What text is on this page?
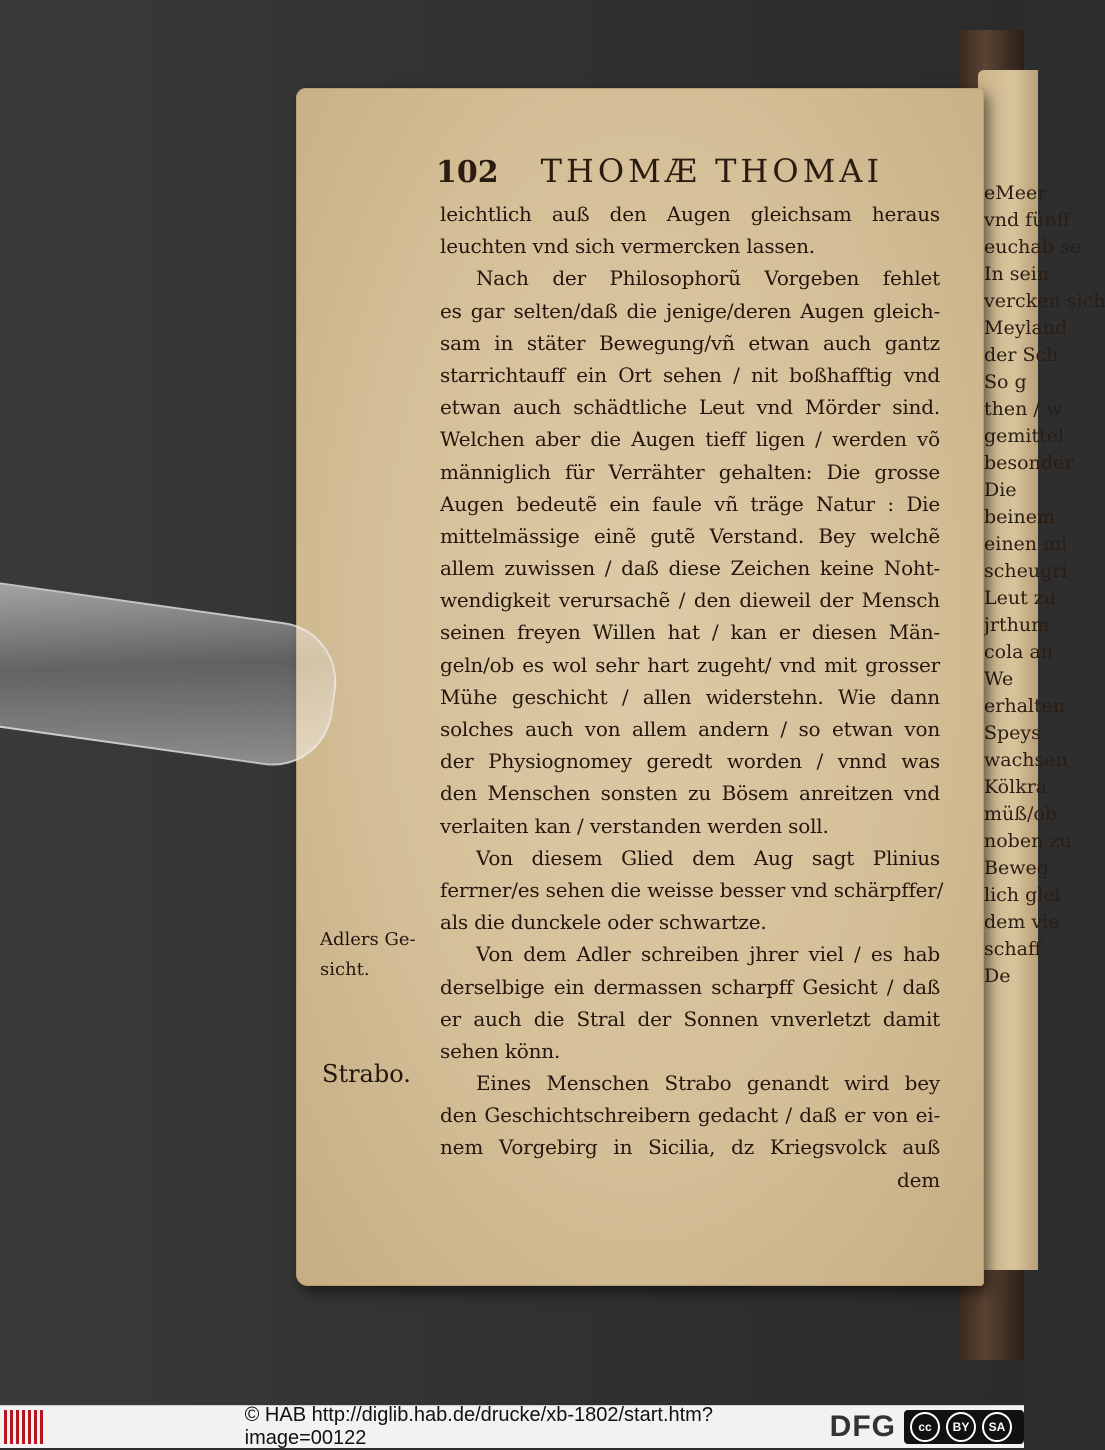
eMeer
vnd fünff
euchab se
In sein
vercken sich
Meyland
der Sch
So g
then / w
gemittel
besonder
Die
beinem
einen mi
scheugri
Leut zu
jrthum
cola an
We
erhalten
Speys
wachsen
Kölkra
müß/ob
noben zu
Beweg
lich glei
dem vie
schaff
De
102 THOMÆ THOMAI
leichtlich auß den Augen gleichsam heraus
leuchten vnd sich vermercken lassen.
Nach der Philosophorũ Vorgeben fehlet
es gar selten/daß die jenige/deren Augen gleich-
sam in stäter Bewegung/vñ etwan auch gantz
starrichtauff ein Ort sehen / nit boßhafftig vnd
etwan auch schädtliche Leut vnd Mörder sind.
Welchen aber die Augen tieff ligen / werden võ
männiglich für Verrähter gehalten: Die grosse
Augen bedeutẽ ein faule vñ träge Natur : Die
mittelmässige einẽ gutẽ Verstand. Bey welchẽ
allem zuwissen / daß diese Zeichen keine Noht-
wendigkeit verursachẽ / den dieweil der Mensch
seinen freyen Willen hat / kan er diesen Män-
geln/ob es wol sehr hart zugeht/ vnd mit grosser
Mühe geschicht / allen widerstehn. Wie dann
solches auch von allem andern / so etwan von
der Physiognomey geredt worden / vnnd was
den Menschen sonsten zu Bösem anreitzen vnd
verlaiten kan / verstanden werden soll.
Von diesem Glied dem Aug sagt Plinius
ferrner/es sehen die weisse besser vnd schärpffer/
als die dunckele oder schwartze.
Von dem Adler schreiben jhrer viel / es hab
derselbige ein dermassen scharpff Gesicht / daß
er auch die Stral der Sonnen vnverletzt damit
sehen könn.
Eines Menschen Strabo genandt wird bey
den Geschichtschreibern gedacht / daß er von ei-
nem Vorgebirg in Sicilia, dz Kriegsvolck auß
dem
Adlers Ge-
sicht.
Strabo.
© HAB http://diglib.hab.de/drucke/xb-1802/start.htm?image=00122	DFG	cc	BY	SA
